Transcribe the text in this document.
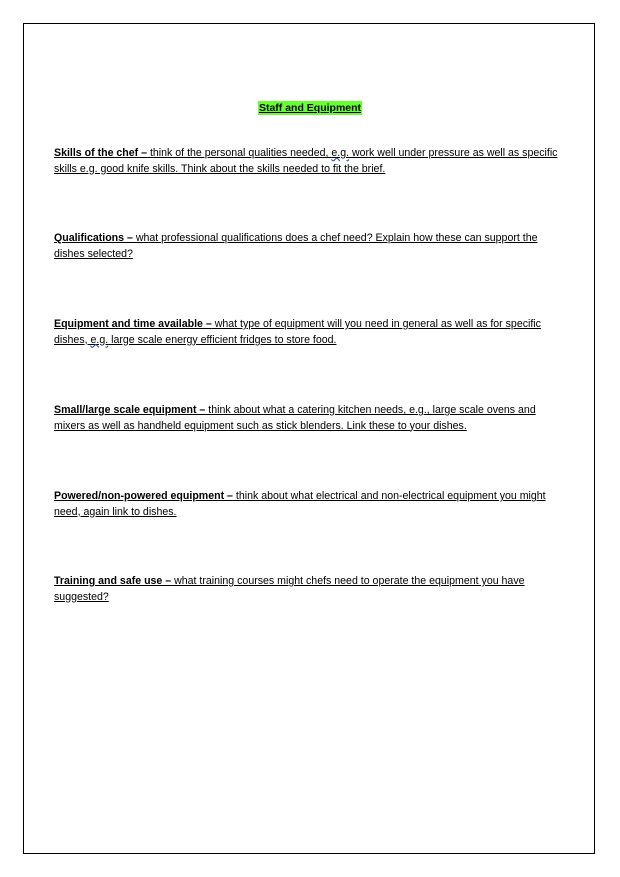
Staff and Equipment
Skills of the chef – think of the personal qualities needed, e.g. work well under pressure as well as specific skills e.g. good knife skills. Think about the skills needed to fit the brief.
Qualifications – what professional qualifications does a chef need? Explain how these can support the dishes selected?
Equipment and time available – what type of equipment will you need in general as well as for specific dishes, e.g. large scale energy efficient fridges to store food.
Small/large scale equipment – think about what a catering kitchen needs, e.g., large scale ovens and mixers as well as handheld equipment such as stick blenders. Link these to your dishes.
Powered/non-powered equipment – think about what electrical and non-electrical equipment you might need, again link to dishes.
Training and safe use – what training courses might chefs need to operate the equipment you have suggested?
